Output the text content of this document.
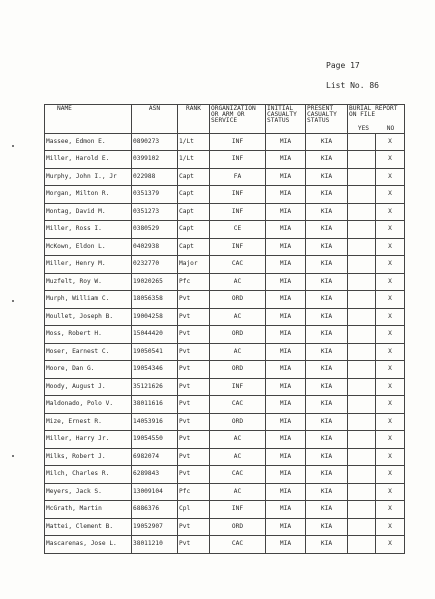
Page 17
List No. 86
NAME	ASN	RANK	ORGANIZATION OR ARM OR SERVICE	INITIAL CASUALTY STATUS	PRESENT CASUALTY STATUS	BURIAL REPORT ON FILE
YES NO	

Massee, Edmon E.	0890273	1/Lt	INF	MIA	KIA		X
Miller, Harold E.	0399102	1/Lt	INF	MIA	KIA		X
Murphy, John I., Jr	022988	Capt	FA	MIA	KIA		X
Morgan, Milton R.	0351379	Capt	INF	MIA	KIA		X
Montag, David M.	0351273	Capt	INF	MIA	KIA		X
Miller, Ross I.	0380529	Capt	CE	MIA	KIA		X
McKown, Eldon L.	0402938	Capt	INF	MIA	KIA		X
Miller, Henry M.	0232770	Major	CAC	MIA	KIA		X
Muzfelt, Roy W.	19020265	Pfc	AC	MIA	KIA		X
Murph, William C.	18056358	Pvt	ORD	MIA	KIA		X
Moullet, Joseph B.	19004258	Pvt	AC	MIA	KIA		X
Moss, Robert H.	15044420	Pvt	ORD	MIA	KIA		X
Moser, Earnest C.	19050541	Pvt	AC	MIA	KIA		X
Moore, Dan G.	19054346	Pvt	ORD	MIA	KIA		X
Moody, August J.	35121626	Pvt	INF	MIA	KIA		X
Maldonado, Polo V.	38011616	Pvt	CAC	MIA	KIA		X
Mize, Ernest R.	14053916	Pvt	ORD	MIA	KIA		X
Miller, Harry Jr.	19054550	Pvt	AC	MIA	KIA		X
Milks, Robert J.	6982074	Pvt	AC	MIA	KIA		X
Milch, Charles R.	6289843	Pvt	CAC	MIA	KIA		X
Meyers, Jack S.	13009104	Pfc	AC	MIA	KIA		X
McGrath, Martin	6886376	Cpl	INF	MIA	KIA		X
Mattei, Clement B.	19052907	Pvt	ORD	MIA	KIA		X
Mascarenas, Jose L.	38011210	Pvt	CAC	MIA	KIA		X
